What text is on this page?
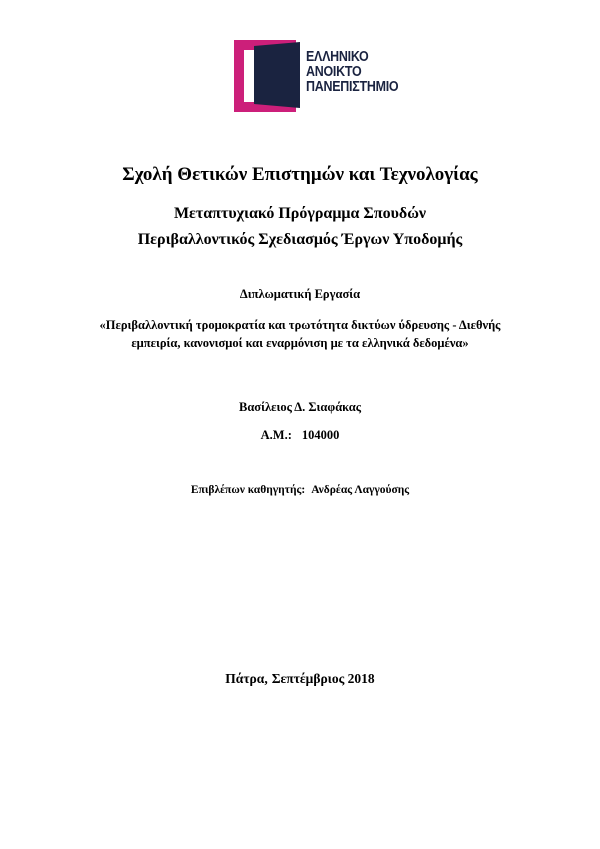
ΕΛΛΗΝΙΚΟ
ΑΝΟΙΚΤΟ
ΠΑΝΕΠΙΣΤΗΜΙΟ
Σχολή Θετικών Επιστημών και Τεχνολογίας
Μεταπτυχιακό Πρόγραμμα Σπουδών
Περιβαλλοντικός Σχεδιασμός Έργων Υποδομής
Διπλωματική Εργασία
«Περιβαλλοντική τρομοκρατία και τρωτότητα δικτύων ύδρευσης - Διεθνής
εμπειρία, κανονισμοί και εναρμόνιση με τα ελληνικά δεδομένα»
Βασίλειος Δ. Σιαφάκας
Α.Μ.: 104000
Επιβλέπων καθηγητής: Ανδρέας Λαγγούσης
Πάτρα, Σεπτέμβριος 2018
